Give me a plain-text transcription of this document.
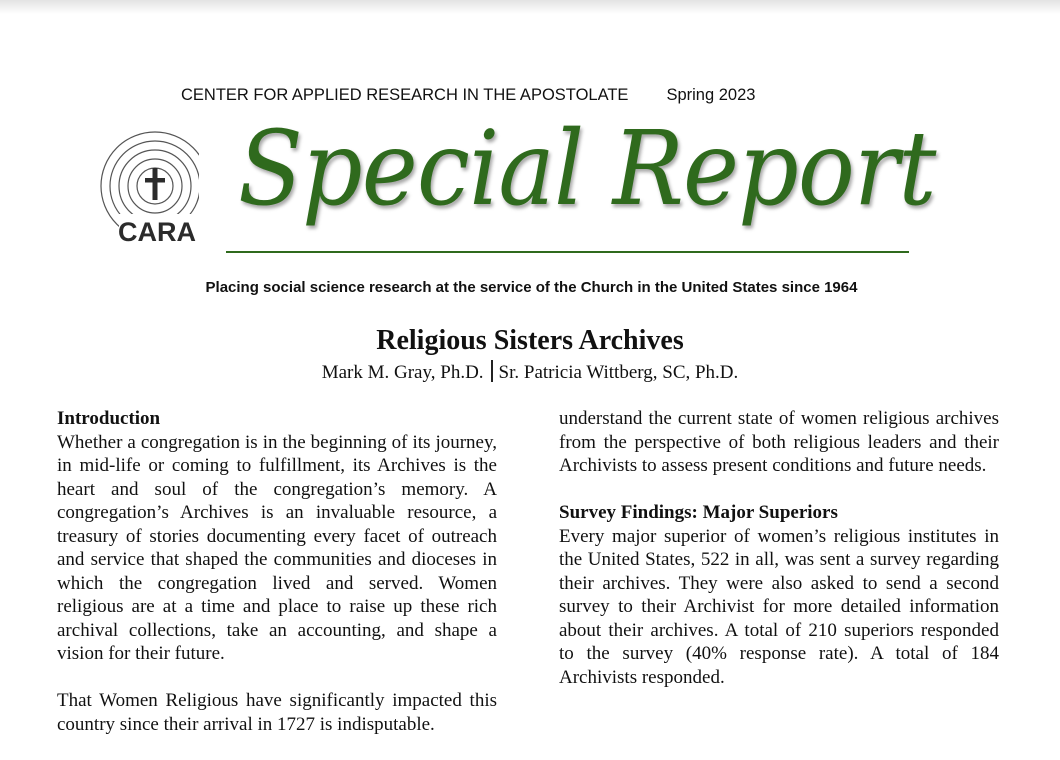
CENTER FOR APPLIED RESEARCH IN THE APOSTOLATE Spring 2023
CARA
Special Report
Placing social science research at the service of the Church in the United States since 1964
Religious Sisters Archives
Mark M. Gray, Ph.D. Sr. Patricia Wittberg, SC, Ph.D.
Introduction

Whether a congregation is in the beginning of its journey, in mid-life or coming to fulfillment, its Archives is the heart and soul of the congregation’s memory. A congregation’s Archives is an invaluable resource, a treasury of stories documenting every facet of outreach and service that shaped the communities and dioceses in which the congregation lived and served. Women religious are at a time and place to raise up these rich archival collections, take an accounting, and shape a vision for their future.

That Women Religious have significantly impacted this country since their arrival in 1727 is indisputable.

understand the current state of women religious archives from the perspective of both religious leaders and their Archivists to assess present conditions and future needs.

Survey Findings: Major Superiors

Every major superior of women’s religious institutes in the United States, 522 in all, was sent a survey regarding their archives. They were also asked to send a second survey to their Archivist for more detailed information about their archives. A total of 210 superiors responded to the survey (40% response rate). A total of 184 Archivists responded.
